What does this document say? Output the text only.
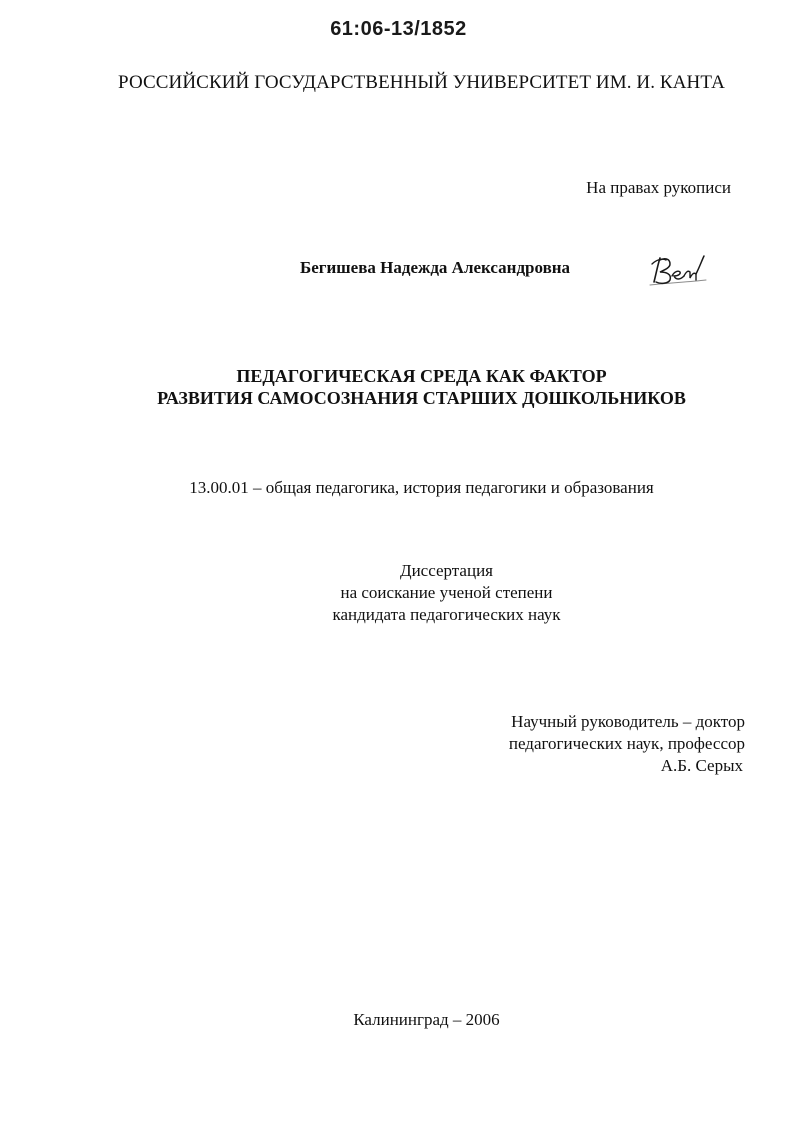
61:06-13/1852
РОССИЙСКИЙ ГОСУДАРСТВЕННЫЙ УНИВЕРСИТЕТ ИМ. И. КАНТА
На правах рукописи
Бегишева Надежда Александровна
ПЕДАГОГИЧЕСКАЯ СРЕДА КАК ФАКТОР
РАЗВИТИЯ САМОСОЗНАНИЯ СТАРШИХ ДОШКОЛЬНИКОВ
13.00.01 – общая педагогика, история педагогики и образования
Диссертация
на соискание ученой степени
кандидата педагогических наук
Научный руководитель – доктор
педагогических наук, профессор
А.Б. Серых
Калининград – 2006
